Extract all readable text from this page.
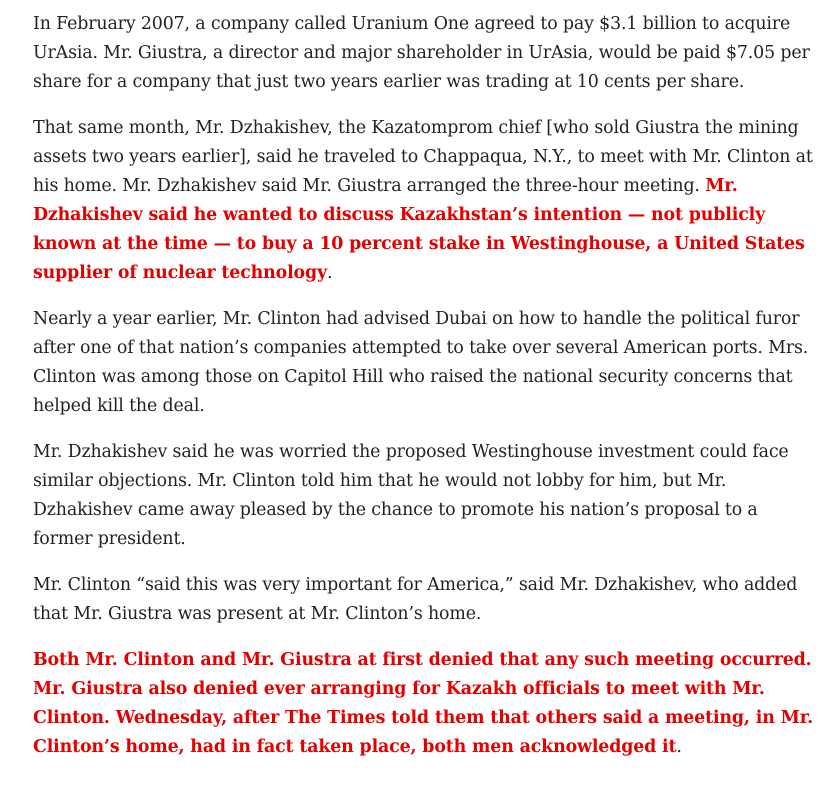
In February 2007, a company called Uranium One agreed to pay $3.1 billion to acquire UrAsia. Mr. Giustra, a director and major shareholder in UrAsia, would be paid $7.05 per share for a company that just two years earlier was trading at 10 cents per share.

That same month, Mr. Dzhakishev, the Kazatomprom chief [who sold Giustra the mining assets two years earlier], said he traveled to Chappaqua, N.Y., to meet with Mr. Clinton at his home. Mr. Dzhakishev said Mr. Giustra arranged the three-hour meeting. Mr. Dzhakishev said he wanted to discuss Kazakhstan’s intention — not publicly known at the time — to buy a 10 percent stake in Westinghouse, a United States supplier of nuclear technology.

Nearly a year earlier, Mr. Clinton had advised Dubai on how to handle the political furor after one of that nation’s companies attempted to take over several American ports. Mrs. Clinton was among those on Capitol Hill who raised the national security concerns that helped kill the deal.

Mr. Dzhakishev said he was worried the proposed Westinghouse investment could face similar objections. Mr. Clinton told him that he would not lobby for him, but Mr. Dzhakishev came away pleased by the chance to promote his nation’s proposal to a former president.

Mr. Clinton “said this was very important for America,” said Mr. Dzhakishev, who added that Mr. Giustra was present at Mr. Clinton’s home.

Both Mr. Clinton and Mr. Giustra at first denied that any such meeting occurred. Mr. Giustra also denied ever arranging for Kazakh officials to meet with Mr. Clinton. Wednesday, after The Times told them that others said a meeting, in Mr. Clinton’s home, had in fact taken place, both men acknowledged it.
